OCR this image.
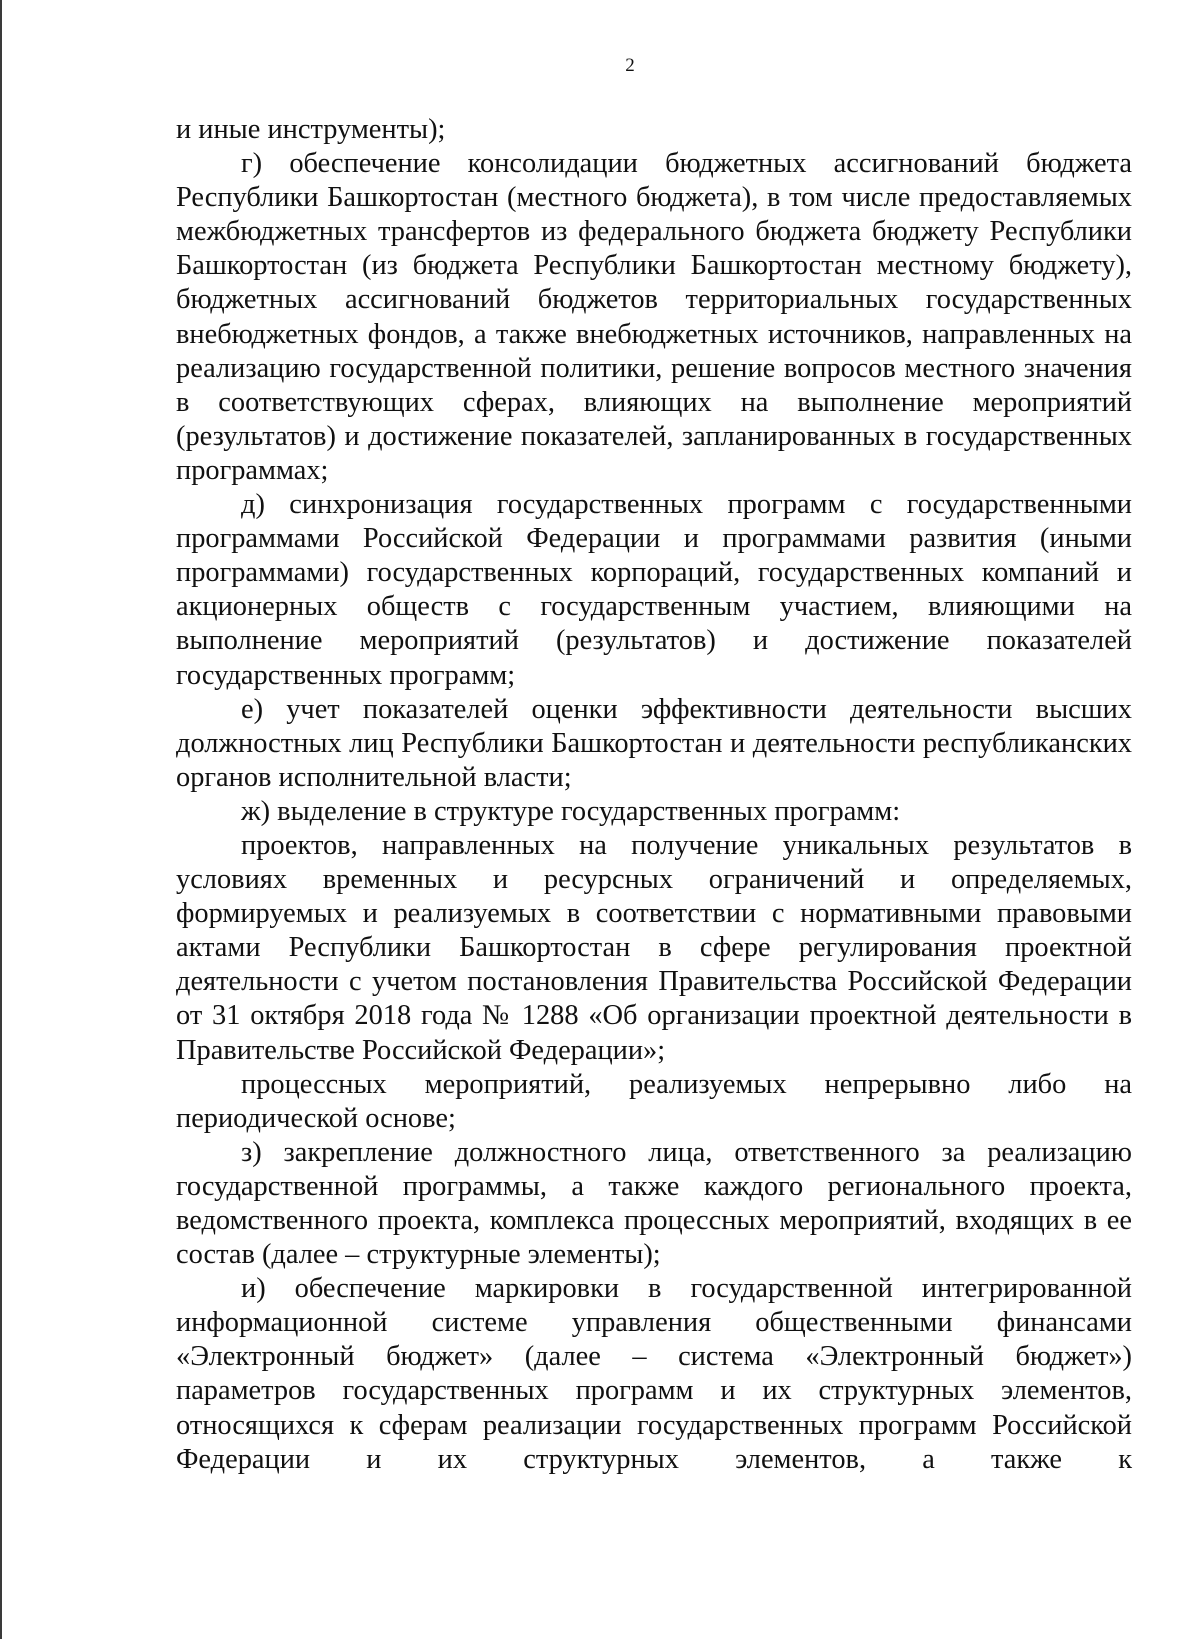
2

и иные инструменты);

г) обеспечение консолидации бюджетных ассигнований бюджета Республики Башкортостан (местного бюджета), в том числе предоставляемых межбюджетных трансфертов из федерального бюджета бюджету Республики Башкортостан (из бюджета Республики Башкортостан местному бюджету), бюджетных ассигнований бюджетов территориальных государственных внебюджетных фондов, а также внебюджетных источников, направленных на реализацию государственной политики, решение вопросов местного значения в соответствующих сферах, влияющих на выполнение мероприятий (результатов) и достижение показателей, запланированных в государственных программах;

д) синхронизация государственных программ с государственными программами Российской Федерации и программами развития (иными программами) государственных корпораций, государственных компаний и акционерных обществ с государственным участием, влияющими на выполнение мероприятий (результатов) и достижение показателей государственных программ;

е) учет показателей оценки эффективности деятельности высших должностных лиц Республики Башкортостан и деятельности республиканских органов исполнительной власти;

ж) выделение в структуре государственных программ:

проектов, направленных на получение уникальных результатов в условиях временных и ресурсных ограничений и определяемых, формируемых и реализуемых в соответствии с нормативными правовыми актами Республики Башкортостан в сфере регулирования проектной деятельности с учетом постановления Правительства Российской Федерации от 31 октября 2018 года № 1288 «Об организации проектной деятельности в Правительстве Российской Федерации»;

процессных мероприятий, реализуемых непрерывно либо на периодической основе;

з) закрепление должностного лица, ответственного за реализацию государственной программы, а также каждого регионального проекта, ведомственного проекта, комплекса процессных мероприятий, входящих в ее состав (далее – структурные элементы);

и) обеспечение маркировки в государственной интегрированной информационной системе управления общественными финансами «Электронный бюджет» (далее – система «Электронный бюджет») параметров государственных программ и их структурных элементов, относящихся к сферам реализации государственных программ Российской Федерации и их структурных элементов, а также к
